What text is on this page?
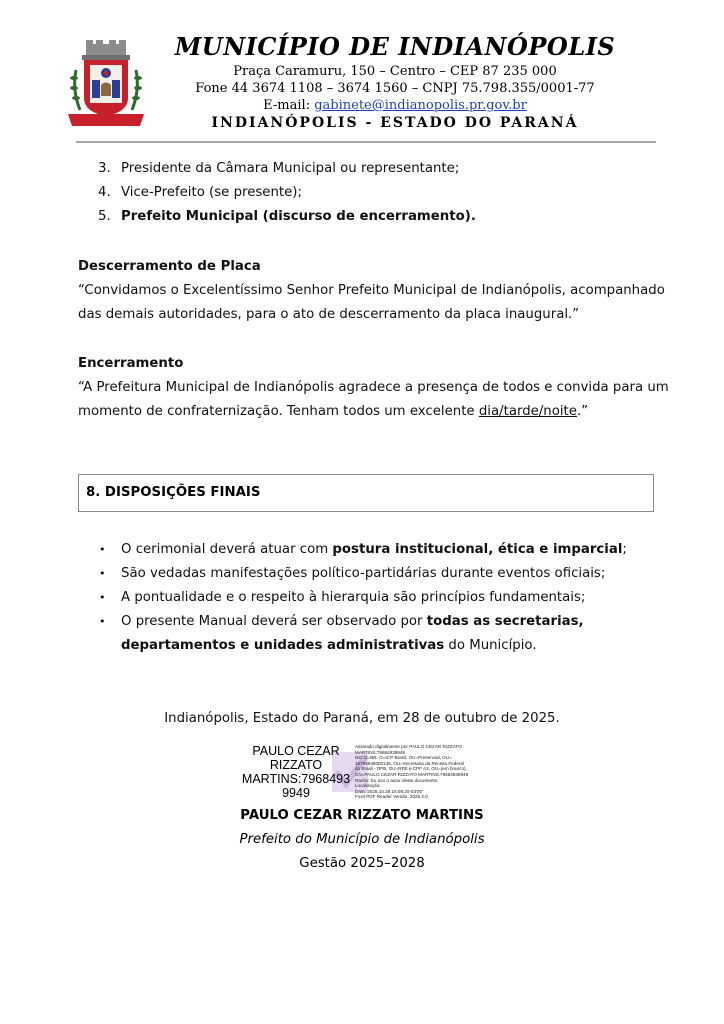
MUNICÍPIO DE INDIANÓPOLIS
Praça Caramuru, 150 – Centro – CEP 87 235 000
Fone 44 3674 1108 – 3674 1560 – CNPJ 75.798.355/0001-77
E-mail: gabinete@indianopolis.pr.gov.br
INDIANÓPOLIS - ESTADO DO PARANÁ
3. Presidente da Câmara Municipal ou representante;
4. Vice-Prefeito (se presente);
5. Prefeito Municipal (discurso de encerramento).
Descerramento de Placa
“Convidamos o Excelentíssimo Senhor Prefeito Municipal de Indianópolis, acompanhado
das demais autoridades, para o ato de descerramento da placa inaugural.”
Encerramento
“A Prefeitura Municipal de Indianópolis agradece a presença de todos e convida para um
momento de confraternização. Tenham todos um excelente dia/tarde/noite.”
8. DISPOSIÇÕES FINAIS
• O cerimonial deverá atuar com postura institucional, ética e imparcial;
• São vedadas manifestações político-partidárias durante eventos oficiais;
• A pontualidade e o respeito à hierarquia são princípios fundamentais;
• O presente Manual deverá ser observado por todas as secretarias,
departamentos e unidades administrativas do Município.
Indianópolis, Estado do Paraná, em 28 de outubro de 2025.
PAULO CEZAR
RIZZATO
MARTINS:7968493
9949
Assinado digitalmente por PAULO CEZAR RIZZATO
MARTINS:79684939949
ND: C=BR, O=ICP-Brasil, OU=Presencial, OU=
15795848000135, OU=Secretaria da Receita Federal
do Brasil - RFB, OU=RFB e-CPF A3, OU=(em branco),
CN=PAULO CEZAR RIZZATO MARTINS:79684939949
Razão: Eu sou o autor deste documento
Localização:
Data: 2025.10.28 16:08:20-03'00'
Foxit PDF Reader Versão: 2025.2.0
PAULO CEZAR RIZZATO MARTINS
Prefeito do Município de Indianópolis
Gestão 2025–2028
